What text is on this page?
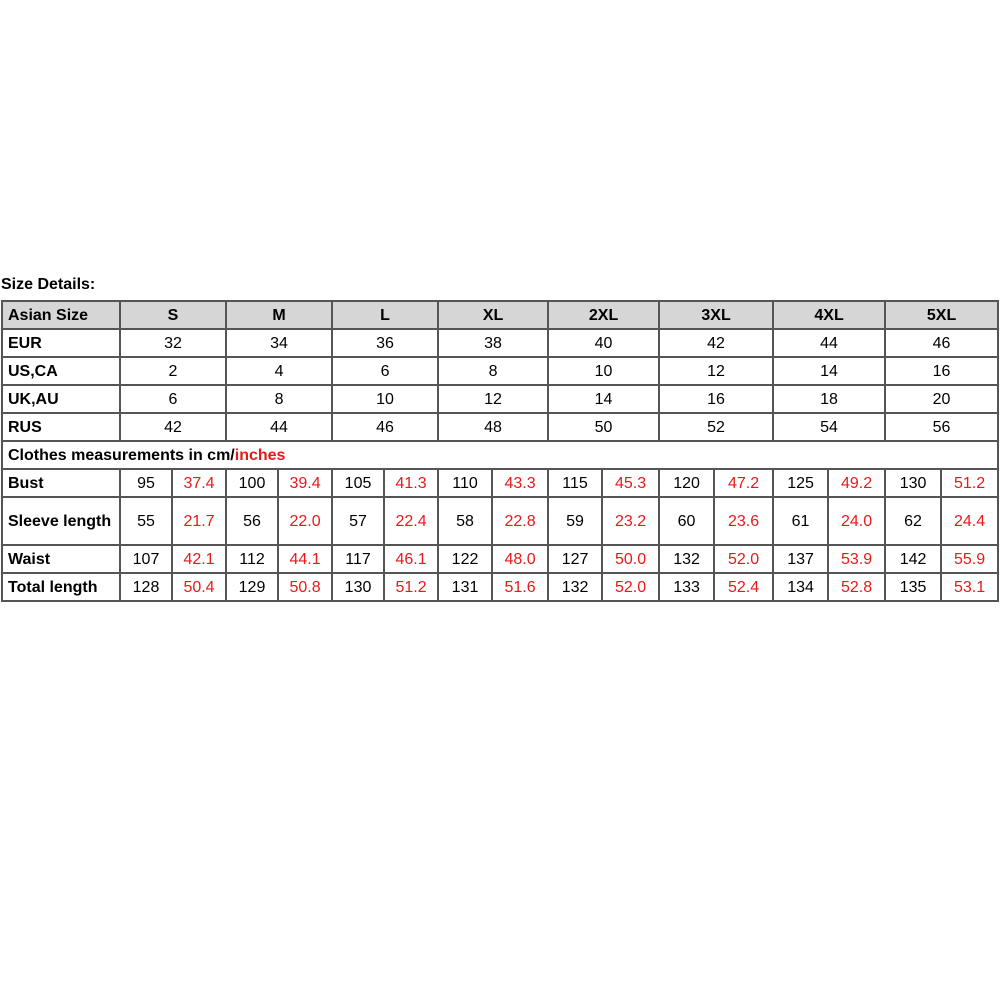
Size Details:
Asian Size	S		M		L		XL		2XL		3XL		4XL		5XL	
EUR	32		34		36		38		40		42		44		46	
US,CA	2		4		6		8		10		12		14		16	
UK,AU	6		8		10		12		14		16		18		20	
RUS	42		44		46		48		50		52		54		56	
Clothes measurements in cm/inches																
Bust	95	37.4	100	39.4	105	41.3	110	43.3	115	45.3	120	47.2	125	49.2	130	51.2
Sleeve length	55	21.7	56	22.0	57	22.4	58	22.8	59	23.2	60	23.6	61	24.0	62	24.4
Waist	107	42.1	112	44.1	117	46.1	122	48.0	127	50.0	132	52.0	137	53.9	142	55.9
Total length	128	50.4	129	50.8	130	51.2	131	51.6	132	52.0	133	52.4	134	52.8	135	53.1
